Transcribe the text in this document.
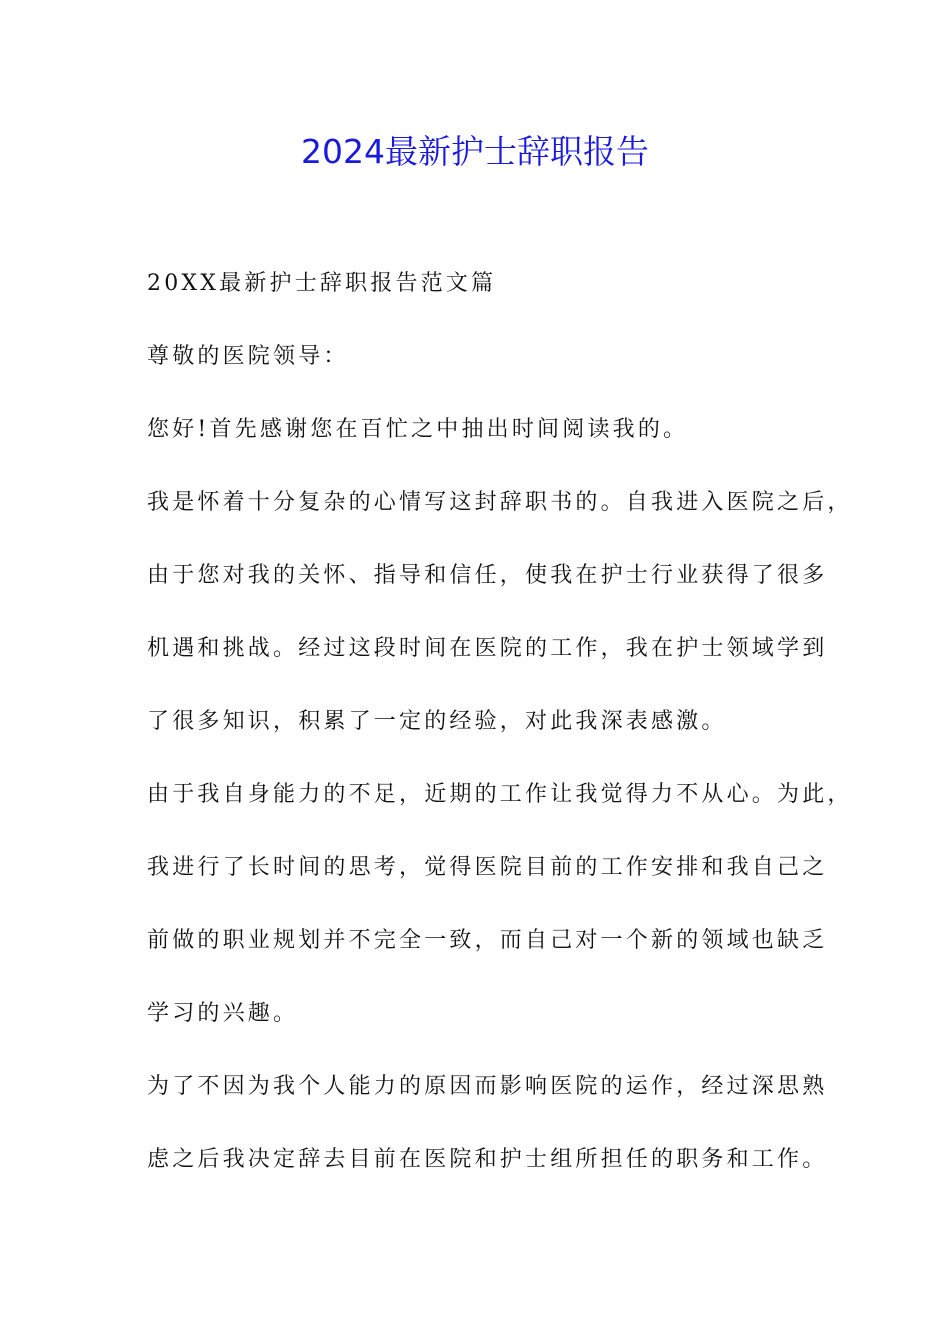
2024最新护士辞职报告
20XX最新护士辞职报告范文篇
尊敬的医院领导：
您好!首先感谢您在百忙之中抽出时间阅读我的。
我是怀着十分复杂的心情写这封辞职书的。自我进入医院之后，
由于您对我的关怀、指导和信任，使我在护士行业获得了很多
机遇和挑战。经过这段时间在医院的工作，我在护士领域学到
了很多知识，积累了一定的经验，对此我深表感激。
由于我自身能力的不足，近期的工作让我觉得力不从心。为此，
我进行了长时间的思考，觉得医院目前的工作安排和我自己之
前做的职业规划并不完全一致，而自己对一个新的领域也缺乏
学习的兴趣。
为了不因为我个人能力的原因而影响医院的运作，经过深思熟
虑之后我决定辞去目前在医院和护士组所担任的职务和工作。
